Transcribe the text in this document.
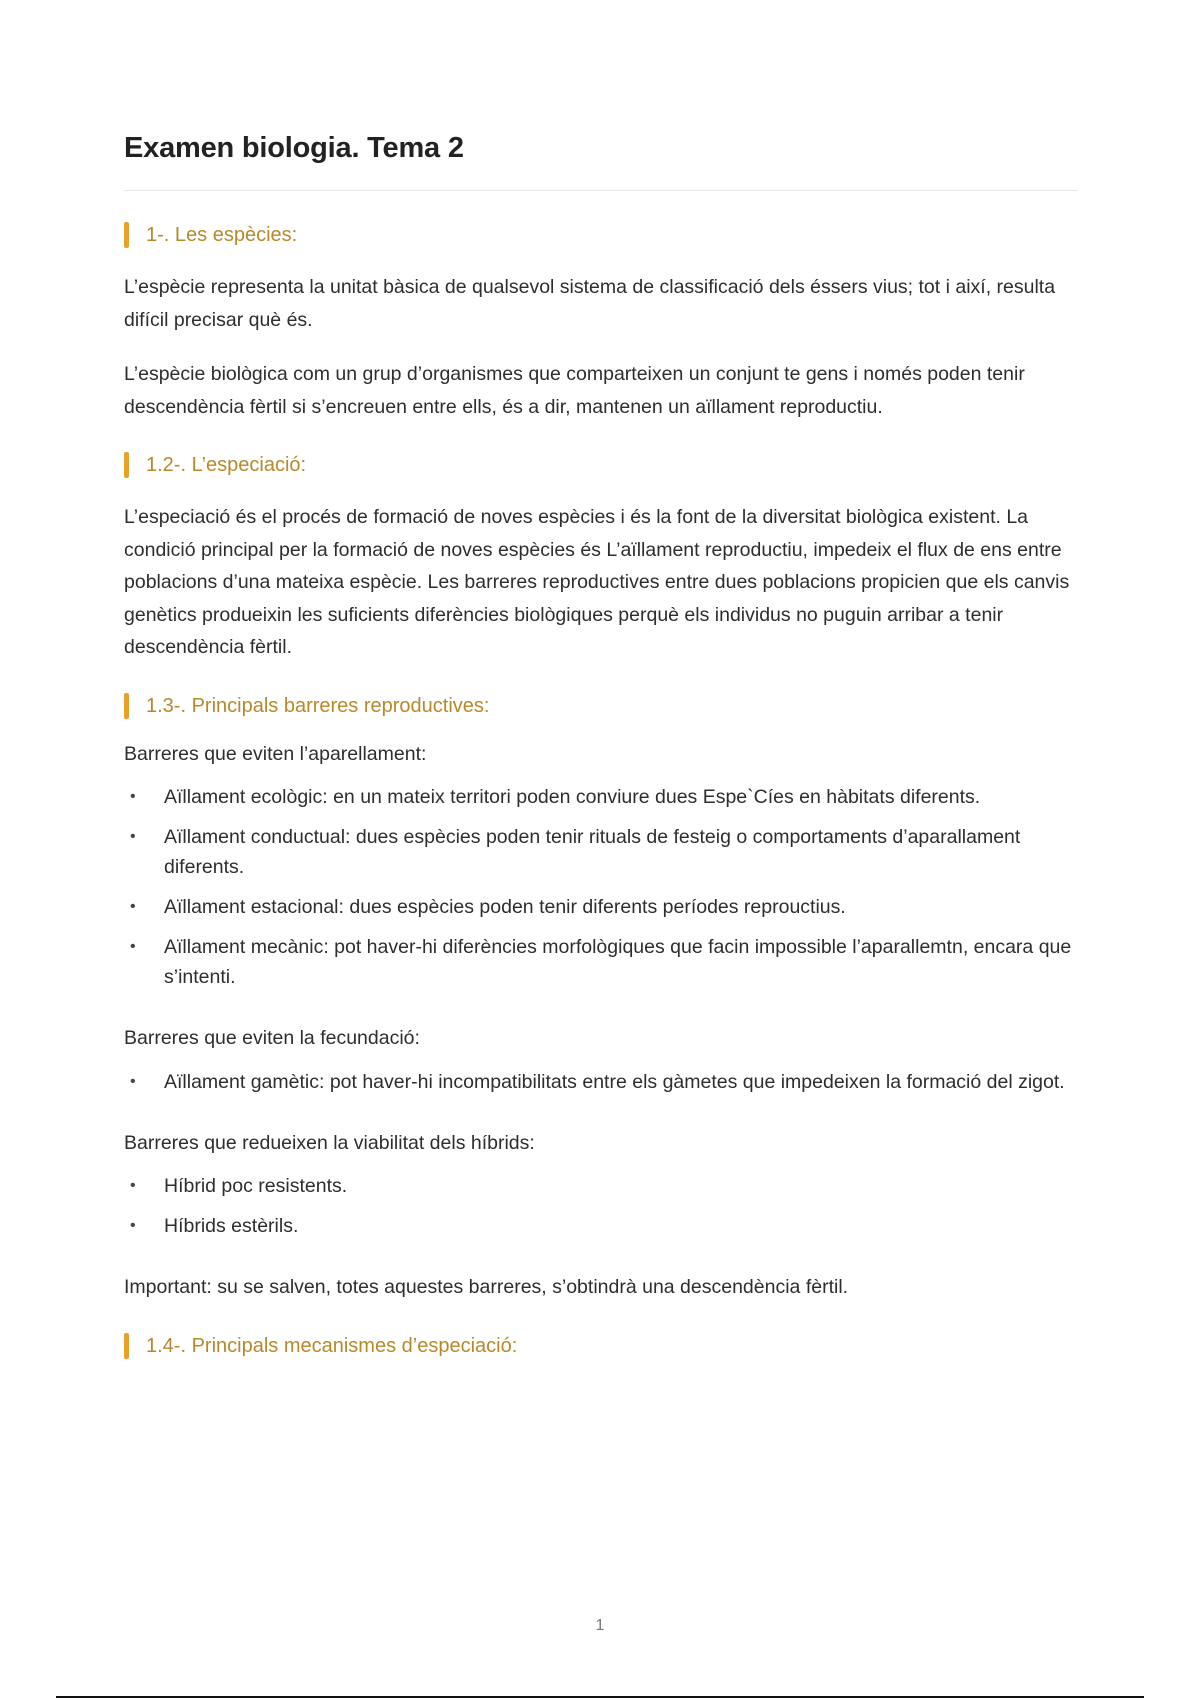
Examen biologia. Tema 2
1-. Les espècies:

L’espècie representa la unitat bàsica de qualsevol sistema de classificació dels éssers vius; tot i així, resulta difícil precisar què és.

L’espècie biològica com un grup d’organismes que comparteixen un conjunt te gens i només poden tenir descendència fèrtil si s’encreuen entre ells, és a dir, mantenen un aïllament reproductiu.

1.2-. L’especiació:

L’especiació és el procés de formació de noves espècies i és la font de la diversitat biològica existent. La condició principal per la formació de noves espècies és L’aïllament reproductiu, impedeix el flux de ens entre poblacions d’una mateixa espècie. Les barreres reproductives entre dues poblacions propicien que els canvis genètics produeixin les suficients diferències biològiques perquè els individus no puguin arribar a tenir descendència fèrtil.

1.3-. Principals barreres reproductives:

Barreres que eviten l’aparellament:

• Aïllament ecològic: en un mateix territori poden conviure dues Espe`Cíes en hàbitats diferents.
• Aïllament conductual: dues espècies poden tenir rituals de festeig o comportaments d’aparallament diferents.
• Aïllament estacional: dues espècies poden tenir diferents períodes reprouctius.
• Aïllament mecànic: pot haver-hi diferències morfològiques que facin impossible l’aparallemtn, encara que s’intenti.

Barreres que eviten la fecundació:

• Aïllament gamètic: pot haver-hi incompatibilitats entre els gàmetes que impedeixen la formació del zigot.

Barreres que redueixen la viabilitat dels híbrids:

• Híbrid poc resistents.
• Híbrids estèrils.

Important: su se salven, totes aquestes barreres, s’obtindrà una descendència fèrtil.

1.4-. Principals mecanismes d’especiació:
1
